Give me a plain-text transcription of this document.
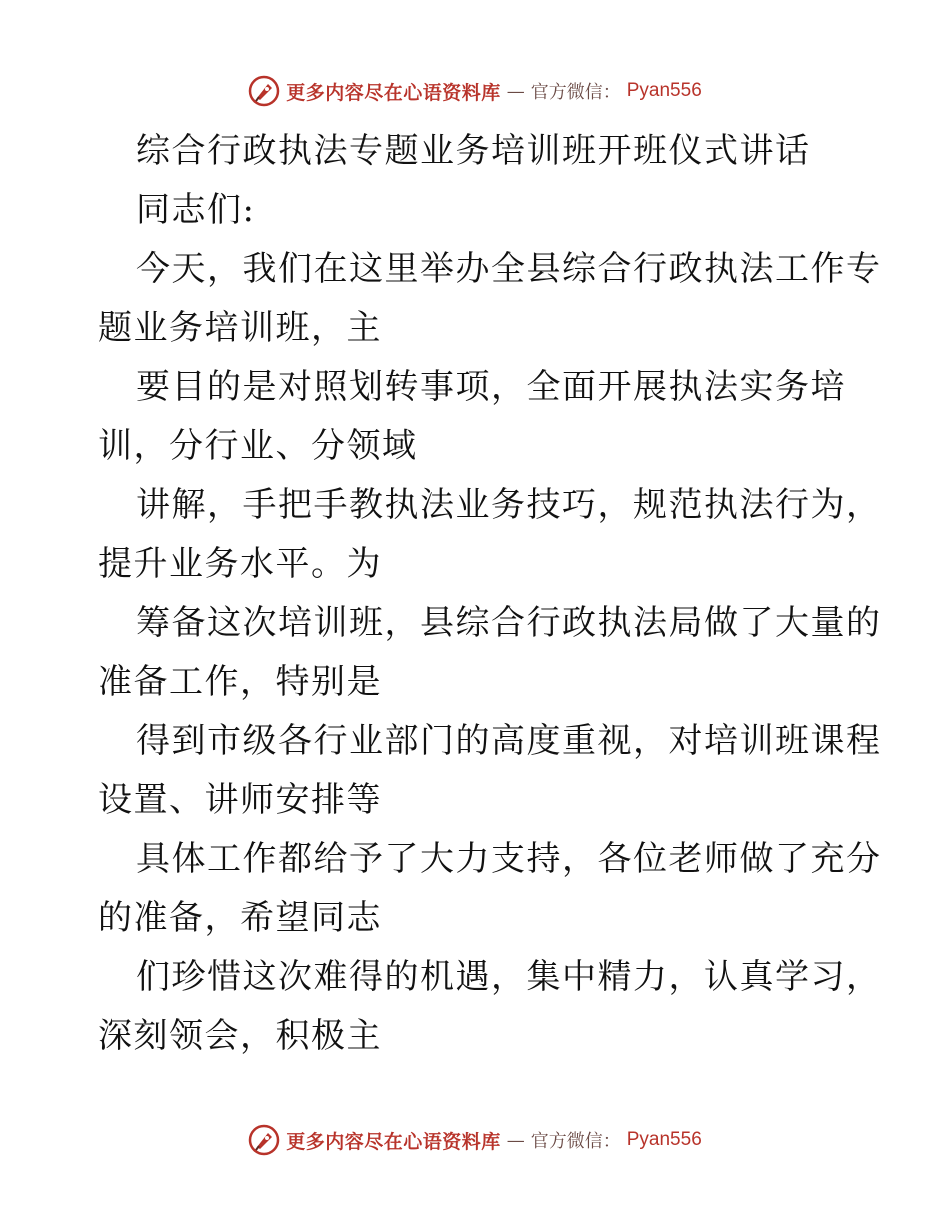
更多内容尽在心语资料库 — 官方微信： Pyan556
综合行政执法专题业务培训班开班仪式讲话
同志们:
今天，我们在这里举办全县综合行政执法工作专
题业务培训班，主
要目的是对照划转事项，全面开展执法实务培
训，分行业、分领域
讲解，手把手教执法业务技巧，规范执法行为，
提升业务水平。为
筹备这次培训班，县综合行政执法局做了大量的
准备工作，特别是
得到市级各行业部门的高度重视，对培训班课程
设置、讲师安排等
具体工作都给予了大力支持，各位老师做了充分
的准备，希望同志
们珍惜这次难得的机遇，集中精力，认真学习，
深刻领会，积极主
更多内容尽在心语资料库 — 官方微信： Pyan556
